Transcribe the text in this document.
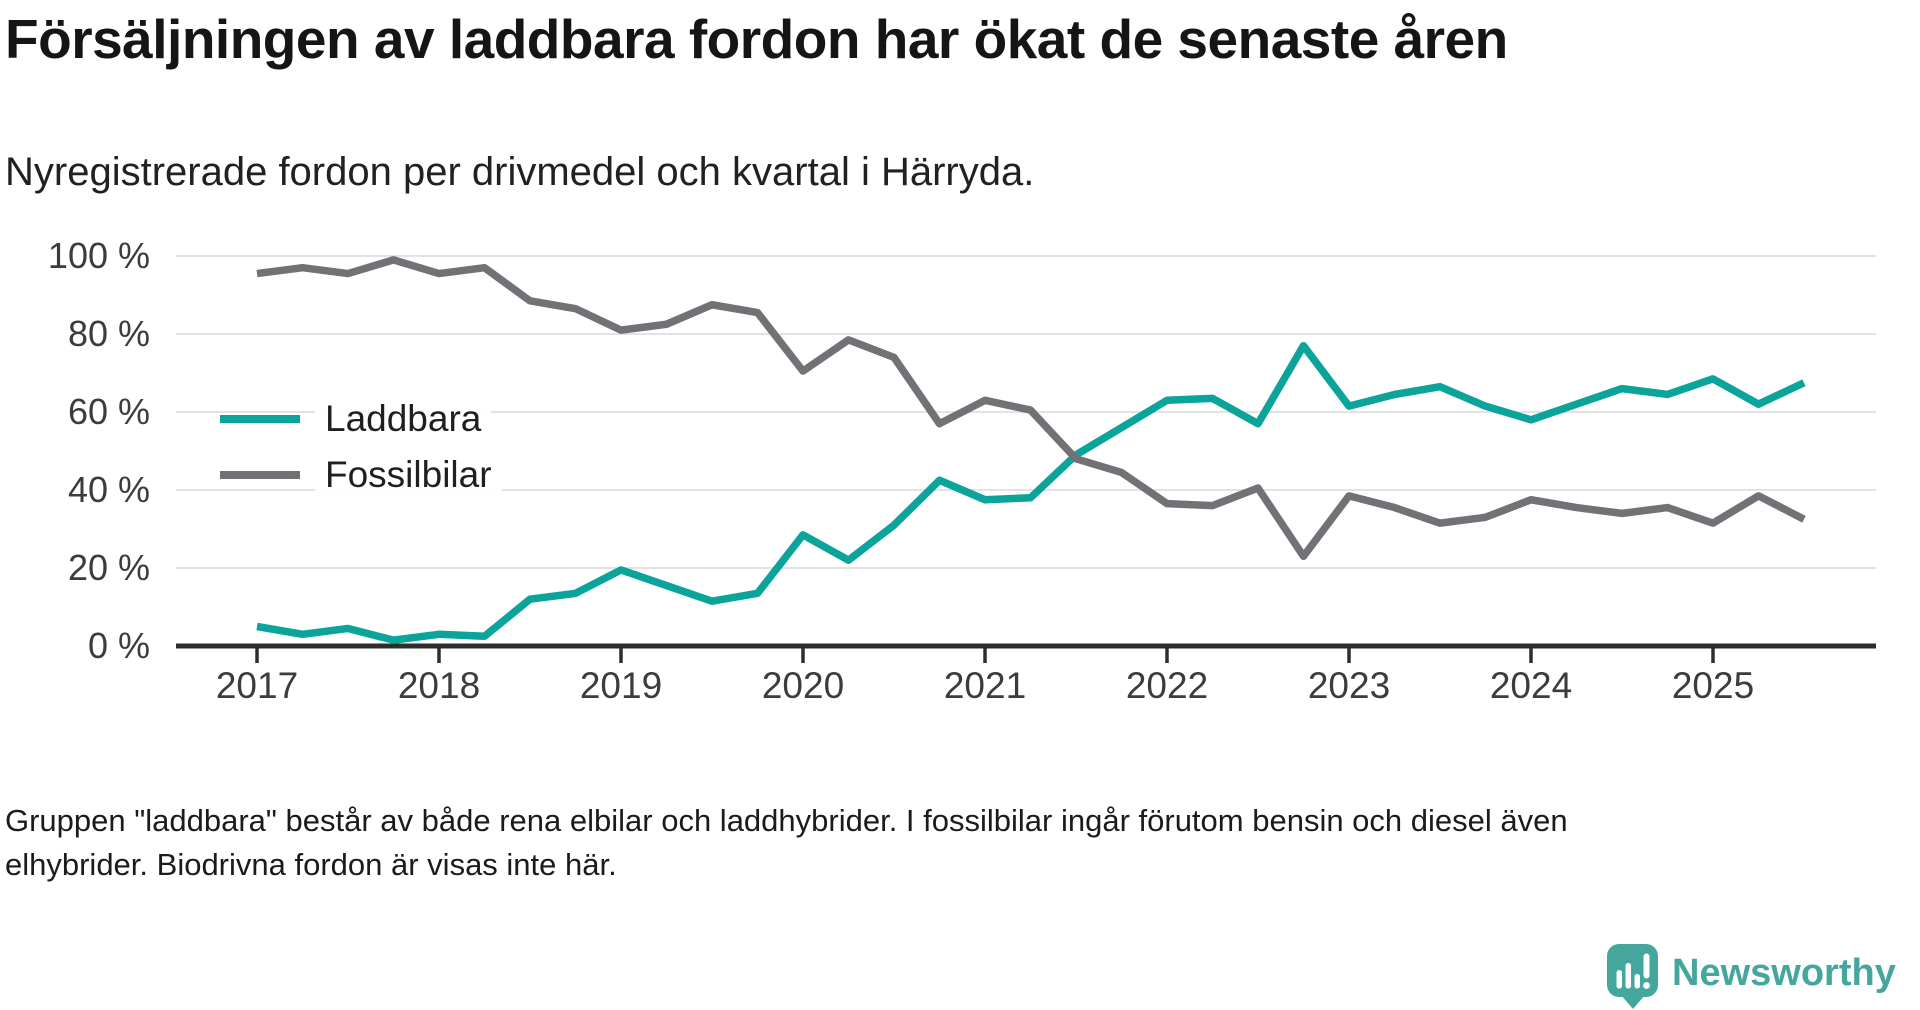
Försäljningen av laddbara fordon har ökat de senaste åren

Nyregistrerade fordon per drivmedel och kvartal i Härryda.

100 %
80 %
60 %
40 %
20 %
0 %
2017	2018	2019	2020	2021	2022	2023	2024	2025
Laddbara
Fossilbilar
Gruppen "laddbara" består av både rena elbilar och laddhybrider. I fossilbilar ingår förutom bensin och diesel även
elhybrider. Biodrivna fordon är visas inte här.
Newsworthy
